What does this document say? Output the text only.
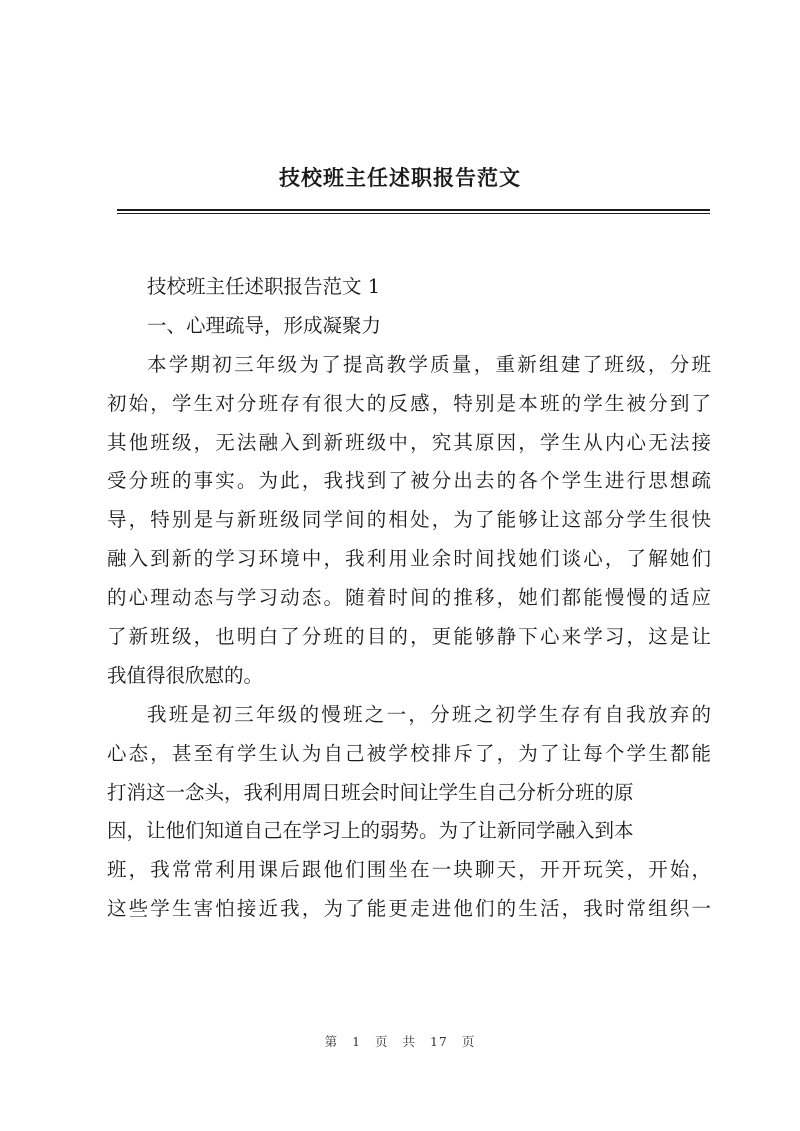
技校班主任述职报告范文
技校班主任述职报告范文 1
一、心理疏导，形成凝聚力
本学期初三年级为了提高教学质量，重新组建了班级，分班
初始，学生对分班存有很大的反感，特别是本班的学生被分到了
其他班级，无法融入到新班级中，究其原因，学生从内心无法接
受分班的事实。为此，我找到了被分出去的各个学生进行思想疏
导，特别是与新班级同学间的相处，为了能够让这部分学生很快
融入到新的学习环境中，我利用业余时间找她们谈心，了解她们
的心理动态与学习动态。随着时间的推移，她们都能慢慢的适应
了新班级，也明白了分班的目的，更能够静下心来学习，这是让
我值得很欣慰的。
我班是初三年级的慢班之一，分班之初学生存有自我放弃的
心态，甚至有学生认为自己被学校排斥了，为了让每个学生都能
打消这一念头，我利用周日班会时间让学生自己分析分班的原
因，让他们知道自己在学习上的弱势。为了让新同学融入到本
班，我常常利用课后跟他们围坐在一块聊天，开开玩笑，开始，
这些学生害怕接近我，为了能更走进他们的生活，我时常组织一
第 1 页 共 17 页
